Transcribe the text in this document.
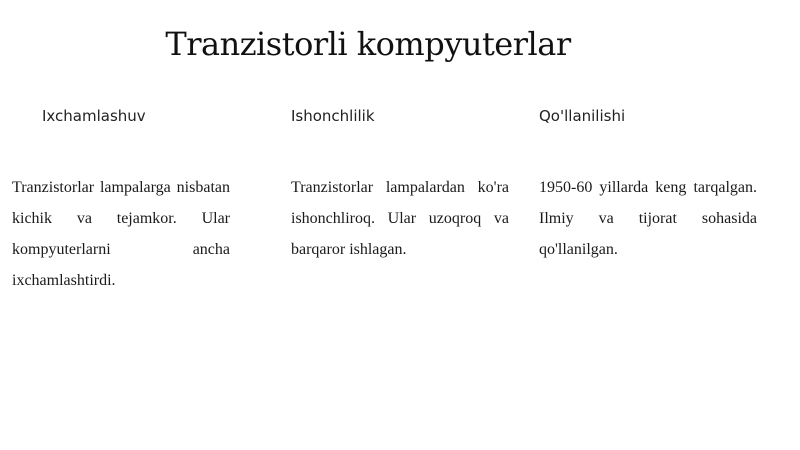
Tranzistorli kompyuterlar
Ixchamlashuv

Tranzistorlar lampalarga nisbatan kichik va tejamkor. Ular kompyuterlarni ancha ixchamlashtirdi.

Ishonchlilik

Tranzistorlar lampalardan ko'ra ishonchliroq. Ular uzoqroq va barqaror ishlagan.

Qo'llanilishi

1950-60 yillarda keng tarqalgan. Ilmiy va tijorat sohasida qo'llanilgan.
